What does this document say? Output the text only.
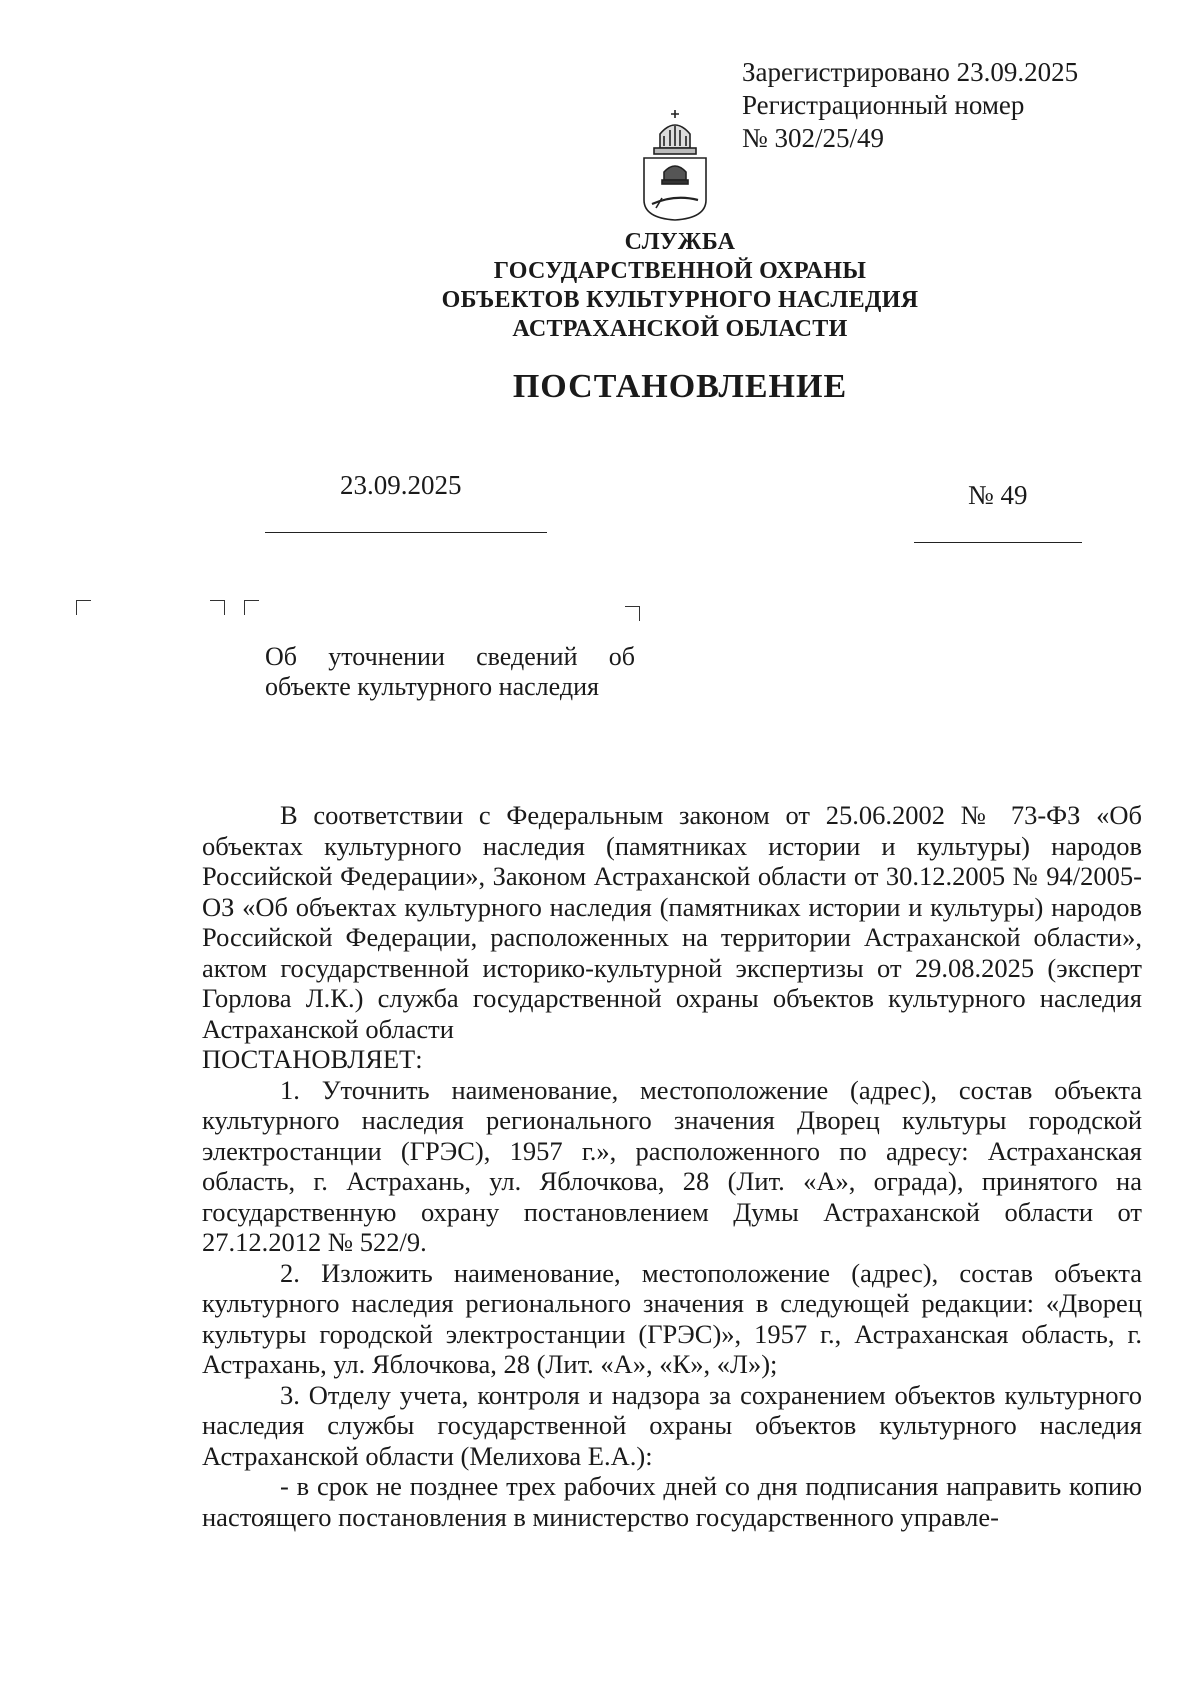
Зарегистрировано 23.09.2025
Регистрационный номер
№ 302/25/49
СЛУЖБА
ГОСУДАРСТВЕННОЙ ОХРАНЫ
ОБЪЕКТОВ КУЛЬТУРНОГО НАСЛЕДИЯ
АСТРАХАНСКОЙ ОБЛАСТИ
ПОСТАНОВЛЕНИЕ
23.09.2025	№ 49
Об уточнении сведений об
объекте культурного наследия

В соответствии с Федеральным законом от 25.06.2002 № 73-ФЗ «Об объектах культурного наследия (памятниках истории и культуры) народов Российской Федерации», Законом Астраханской области от 30.12.2005 № 94/2005-ОЗ «Об объектах культурного наследия (памятниках истории и культуры) народов Российской Федерации, расположенных на территории Астраханской области», актом государственной историко-культурной экспертизы от 29.08.2025 (эксперт Горлова Л.К.) служба государственной охраны объектов культурного наследия Астраханской области

ПОСТАНОВЛЯЕТ:

1. Уточнить наименование, местоположение (адрес), состав объекта культурного наследия регионального значения Дворец культуры городской электростанции (ГРЭС), 1957 г.», расположенного по адресу: Астраханская область, г. Астрахань, ул. Яблочкова, 28 (Лит. «А», ограда), принятого на государственную охрану постановлением Думы Астраханской области от 27.12.2012 № 522/9.

2. Изложить наименование, местоположение (адрес), состав объекта культурного наследия регионального значения в следующей редакции: «Дворец культуры городской электростанции (ГРЭС)», 1957 г., Астраханская область, г. Астрахань, ул. Яблочкова, 28 (Лит. «А», «К», «Л»);

3. Отделу учета, контроля и надзора за сохранением объектов культурного наследия службы государственной охраны объектов культурного наследия Астраханской области (Мелихова Е.А.):

- в срок не позднее трех рабочих дней со дня подписания направить копию настоящего постановления в министерство государственного управле-
